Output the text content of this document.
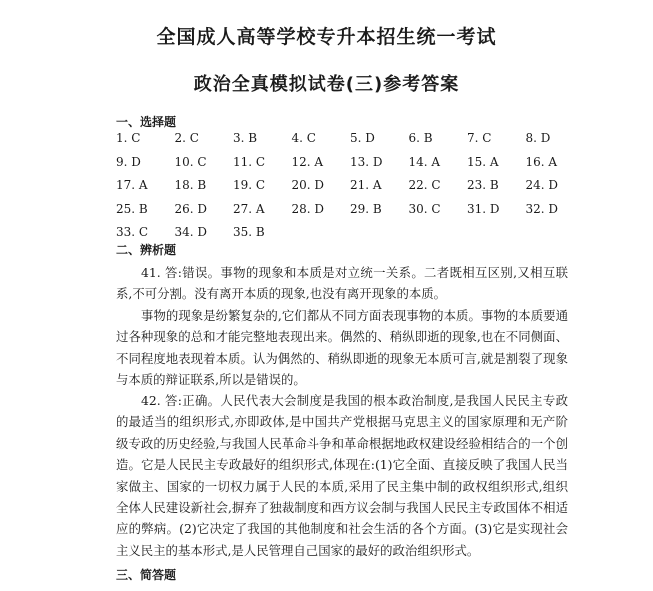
全国成人高等学校专升本招生统一考试
政治全真模拟试卷(三)参考答案
一、选择题
1. C	2. C	3. B	4. C	5. D	6. B	7. C	8. D
9. D	10. C	11. C	12. A	13. D	14. A	15. A	16. A
17. A	18. B	19. C	20. D	21. A	22. C	23. B	24. D
25. B	26. D	27. A	28. D	29. B	30. C	31. D	32. D
33. C	34. D	35. B
二、辨析题
41. 答:错误。事物的现象和本质是对立统一关系。二者既相互区别,又相互联系,不可分割。没有离开本质的现象,也没有离开现象的本质。
事物的现象是纷繁复杂的,它们都从不同方面表现事物的本质。事物的本质要通过各种现象的总和才能完整地表现出来。偶然的、稍纵即逝的现象,也在不同侧面、不同程度地表现着本质。认为偶然的、稍纵即逝的现象无本质可言,就是割裂了现象与本质的辩证联系,所以是错误的。
42. 答:正确。人民代表大会制度是我国的根本政治制度,是我国人民民主专政的最适当的组织形式,亦即政体,是中国共产党根据马克思主义的国家原理和无产阶级专政的历史经验,与我国人民革命斗争和革命根据地政权建设经验相结合的一个创造。它是人民民主专政最好的组织形式,体现在:(1)它全面、直接反映了我国人民当家做主、国家的一切权力属于人民的本质,采用了民主集中制的政权组织形式,组织全体人民建设新社会,摒弃了独裁制度和西方议会制与我国人民民主专政国体不相适应的弊病。(2)它决定了我国的其他制度和社会生活的各个方面。(3)它是实现社会主义民主的基本形式,是人民管理自己国家的最好的政治组织形式。
三、简答题
